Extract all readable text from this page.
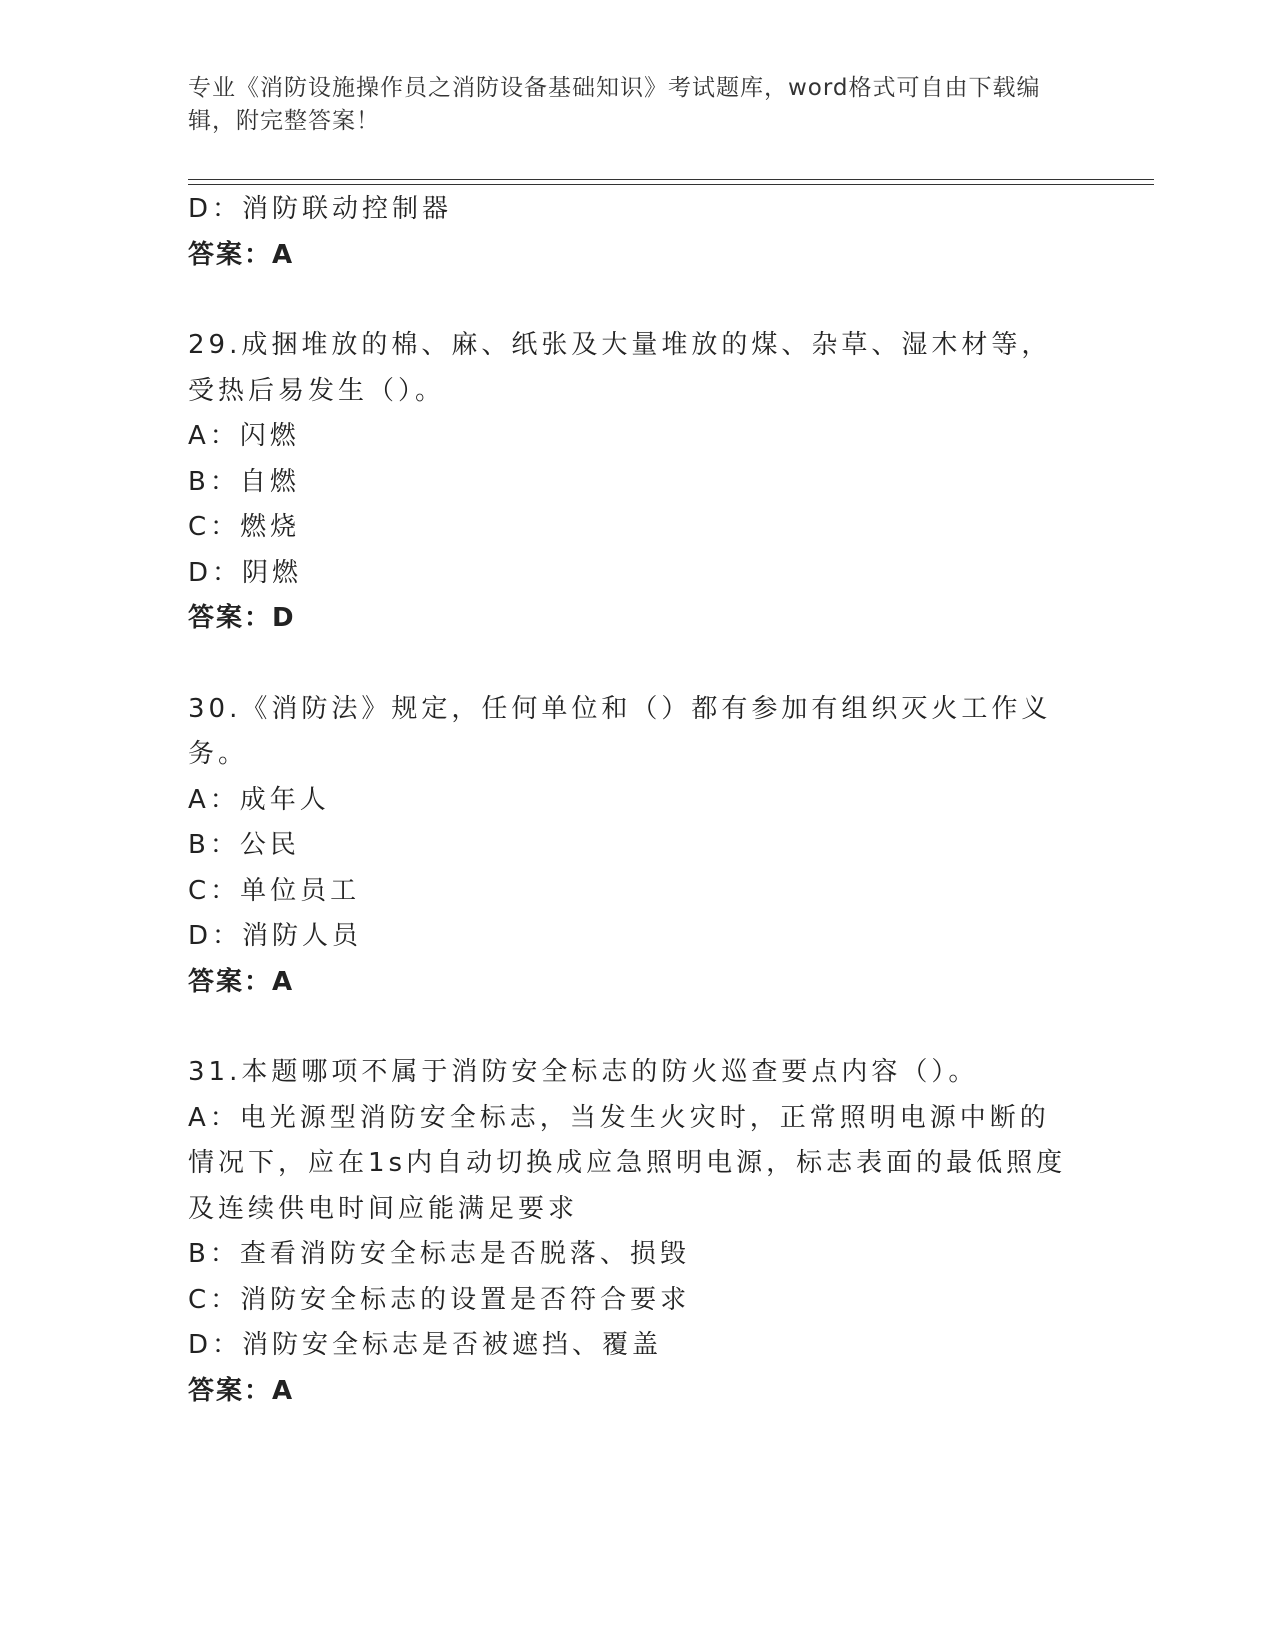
专业《消防设施操作员之消防设备基础知识》考试题库，word格式可自由下载编辑，附完整答案！

D：消防联动控制器

答案：A

29.成捆堆放的棉、麻、纸张及大量堆放的煤、杂草、湿木材等，受热后易发生（）。

A：闪燃

B：自燃

C：燃烧

D：阴燃

答案：D

30.《消防法》规定，任何单位和（）都有参加有组织灭火工作义务。

A：成年人

B：公民

C：单位员工

D：消防人员

答案：A

31.本题哪项不属于消防安全标志的防火巡查要点内容（）。

A：电光源型消防安全标志，当发生火灾时，正常照明电源中断的情况下，应在1s内自动切换成应急照明电源，标志表面的最低照度及连续供电时间应能满足要求

B：查看消防安全标志是否脱落、损毁

C：消防安全标志的设置是否符合要求

D：消防安全标志是否被遮挡、覆盖

答案：A
